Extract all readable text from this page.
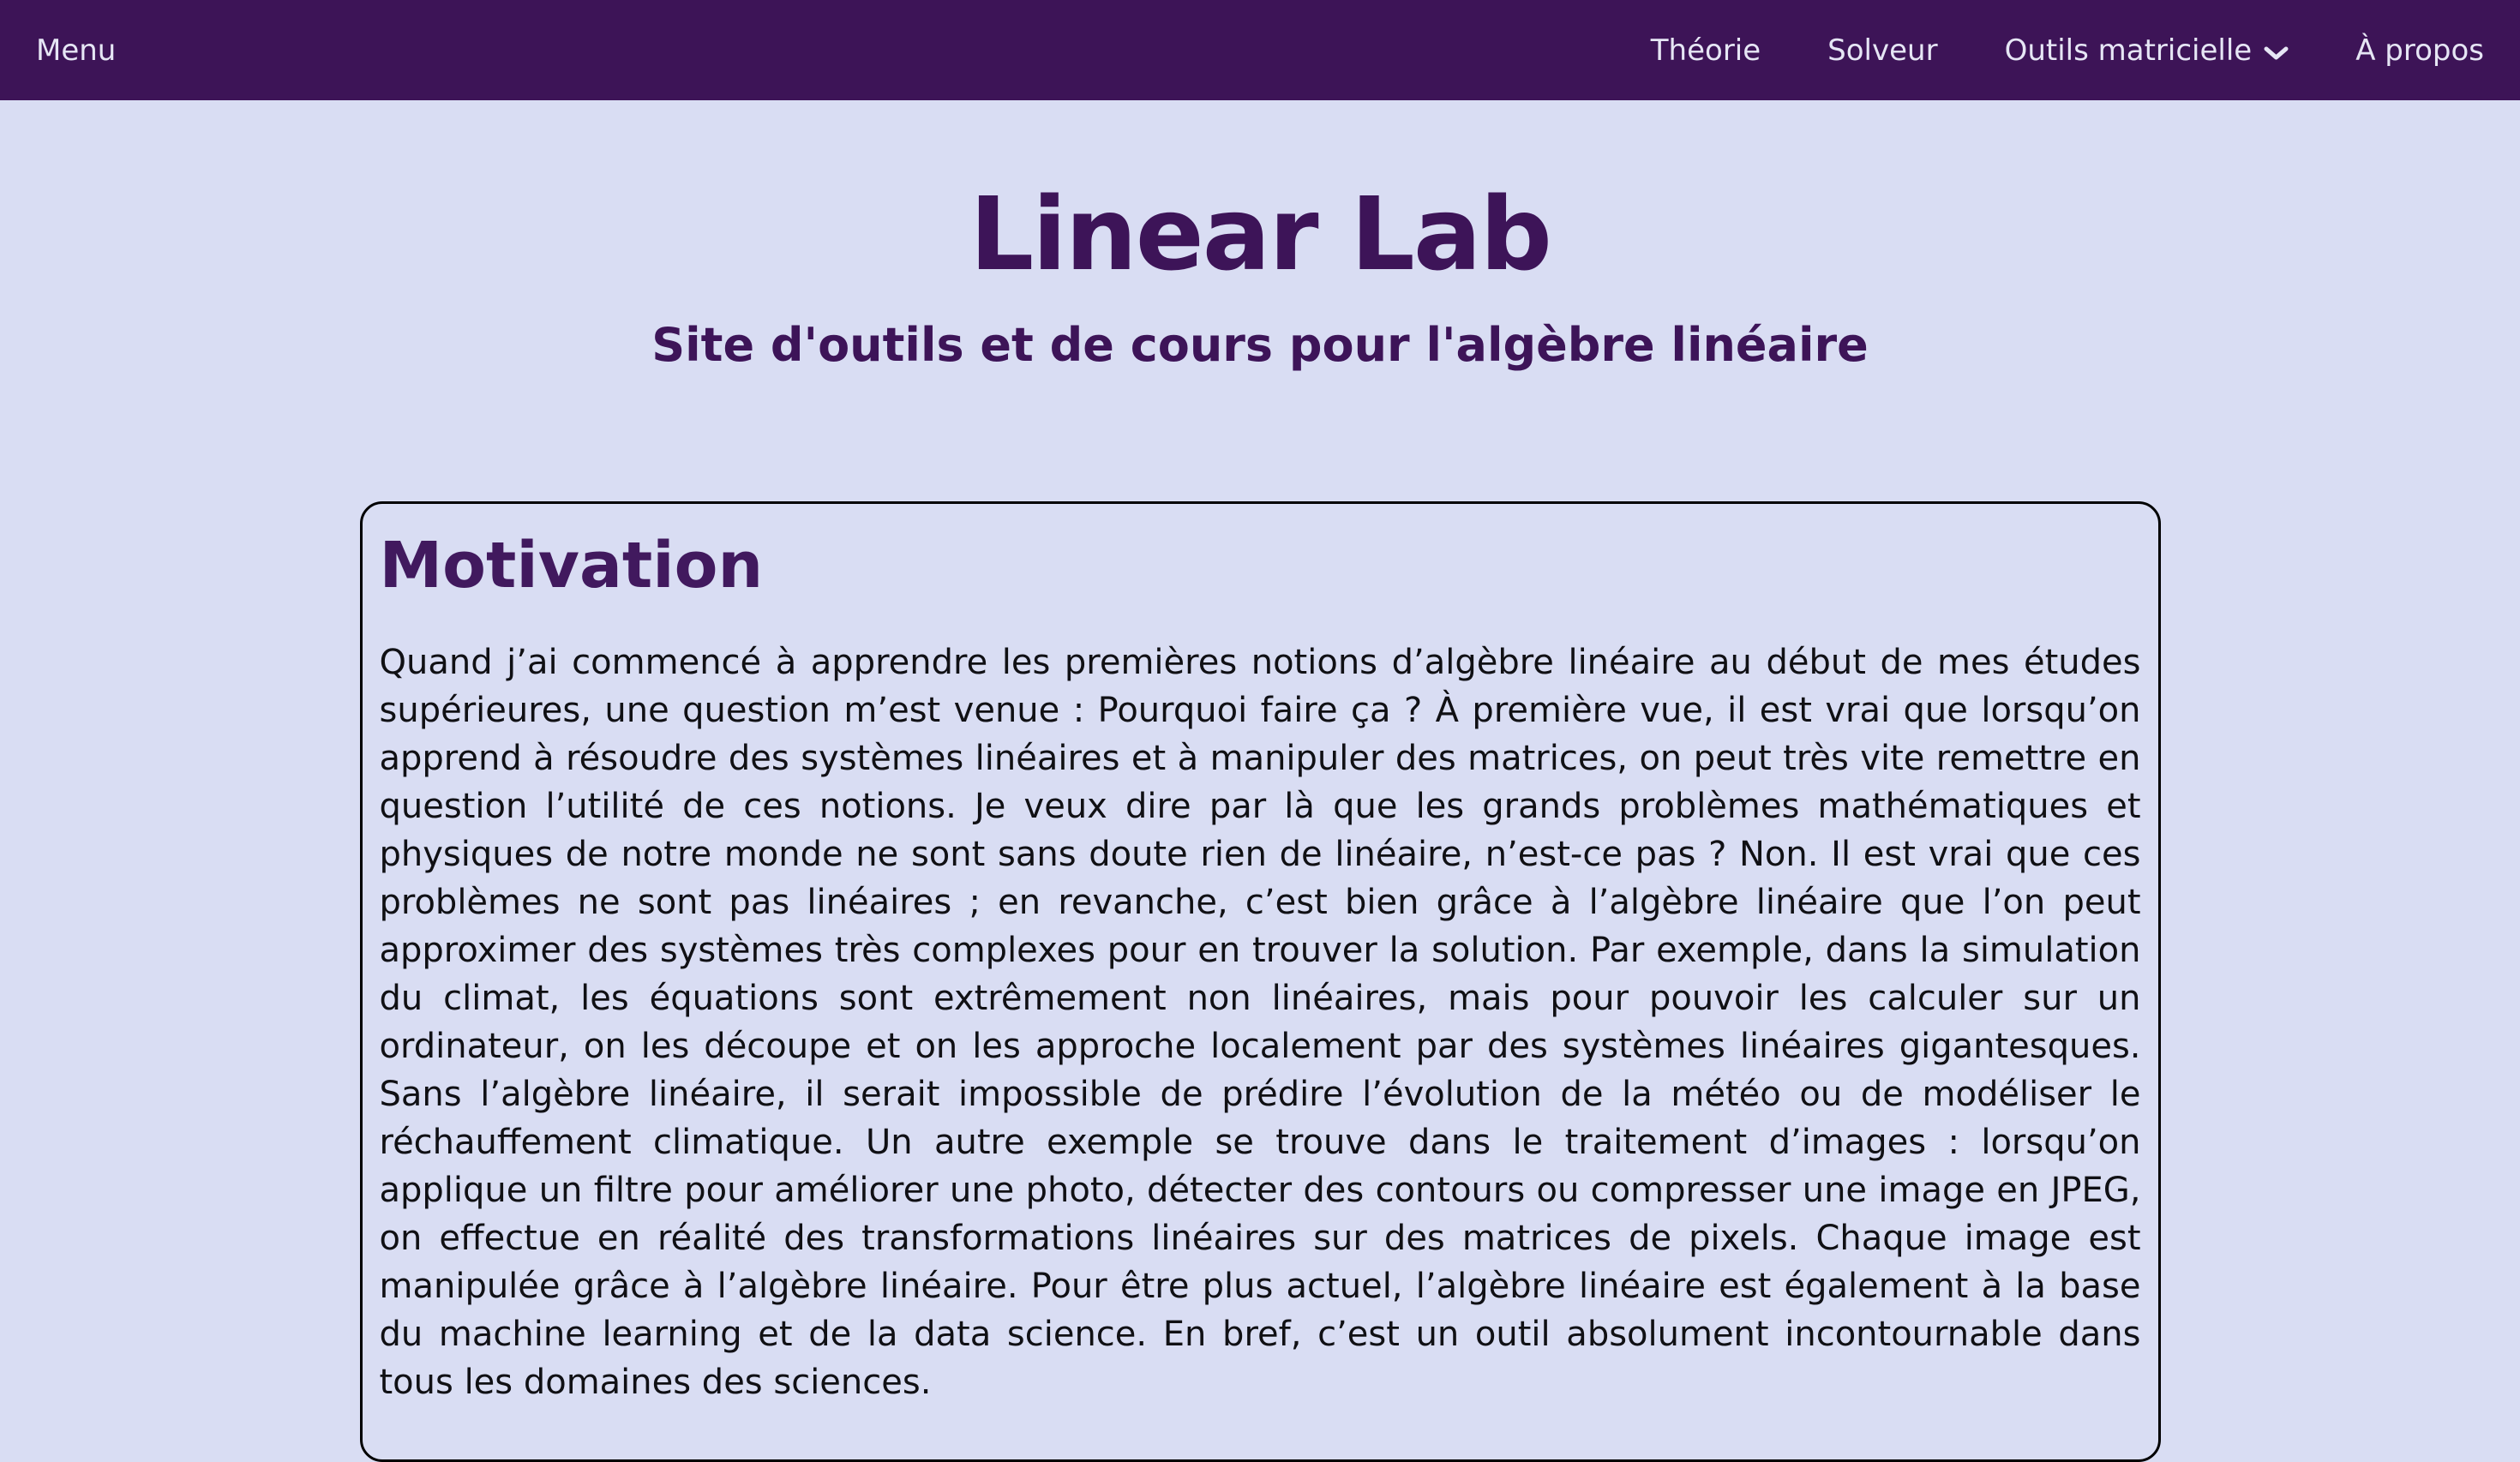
Menu	Théorie Solveur Outils matricielle	À propos
Linear Lab
Site d'outils et de cours pour l'algèbre linéaire
Motivation

Quand j’ai commencé à apprendre les premières notions d’algèbre linéaire au début de mes études supérieures, une question m’est venue : Pourquoi faire ça ? À première vue, il est vrai que lorsqu’on apprend à résoudre des systèmes linéaires et à manipuler des matrices, on peut très vite remettre en question l’utilité de ces notions. Je veux dire par là que les grands problèmes mathématiques et physiques de notre monde ne sont sans doute rien de linéaire, n’est-ce pas ? Non. Il est vrai que ces problèmes ne sont pas linéaires ; en revanche, c’est bien grâce à l’algèbre linéaire que l’on peut approximer des systèmes très complexes pour en trouver la solution. Par exemple, dans la simulation du climat, les équations sont extrêmement non linéaires, mais pour pouvoir les calculer sur un ordinateur, on les découpe et on les approche localement par des systèmes linéaires gigantesques. Sans l’algèbre linéaire, il serait impossible de prédire l’évolution de la météo ou de modéliser le réchauffement climatique. Un autre exemple se trouve dans le traitement d’images : lorsqu’on applique un filtre pour améliorer une photo, détecter des contours ou compresser une image en JPEG, on effectue en réalité des transformations linéaires sur des matrices de pixels. Chaque image est manipulée grâce à l’algèbre linéaire. Pour être plus actuel, l’algèbre linéaire est également à la base du machine learning et de la data science. En bref, c’est un outil absolument incontournable dans tous les domaines des sciences.
